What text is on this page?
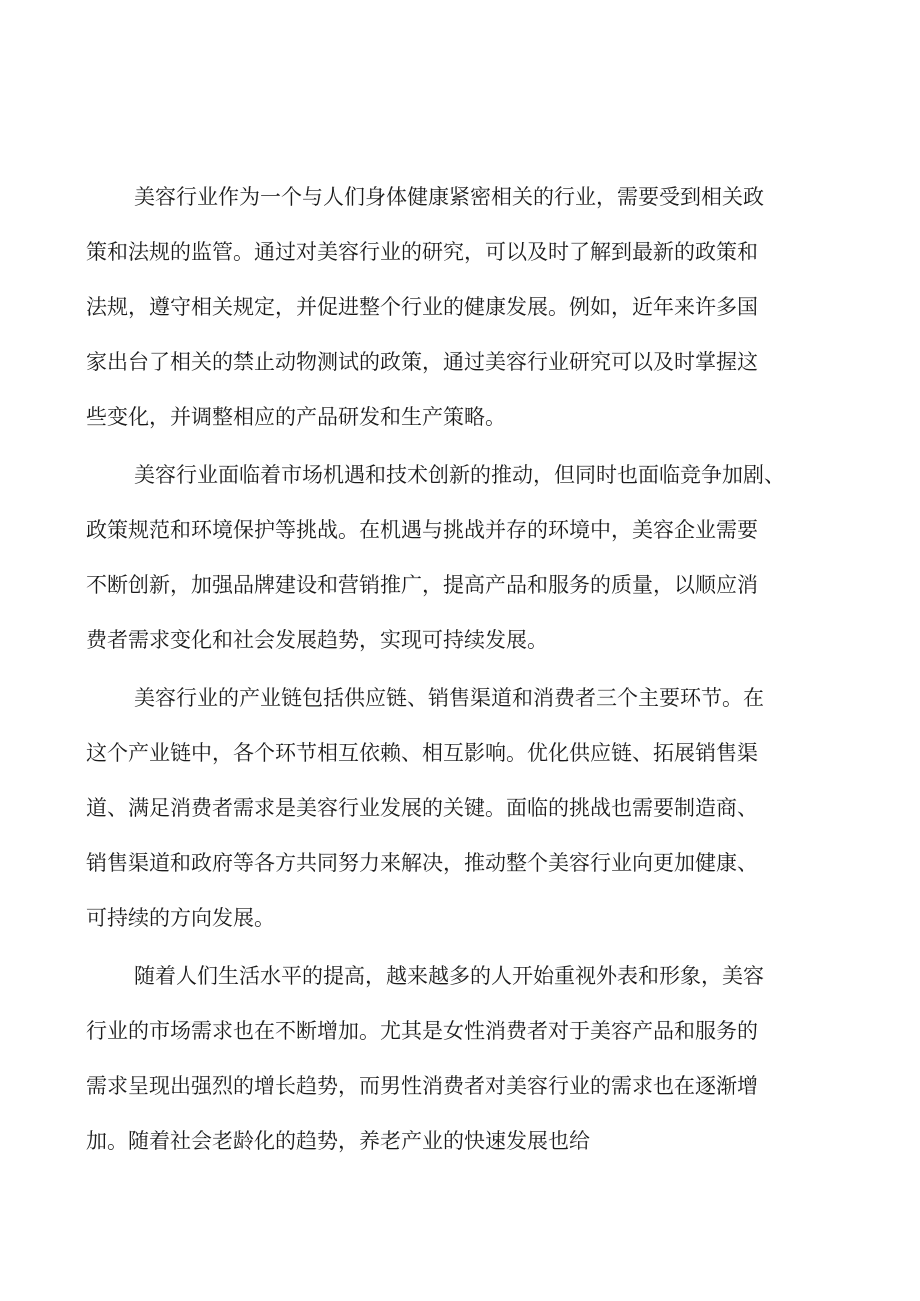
美容行业作为一个与人们身体健康紧密相关的行业，需要受到相关政

策和法规的监管。通过对美容行业的研究，可以及时了解到最新的政策和

法规，遵守相关规定，并促进整个行业的健康发展。例如，近年来许多国

家出台了相关的禁止动物测试的政策，通过美容行业研究可以及时掌握这

些变化，并调整相应的产品研发和生产策略。

美容行业面临着市场机遇和技术创新的推动，但同时也面临竞争加剧、

政策规范和环境保护等挑战。在机遇与挑战并存的环境中，美容企业需要

不断创新，加强品牌建设和营销推广，提高产品和服务的质量，以顺应消

费者需求变化和社会发展趋势，实现可持续发展。

美容行业的产业链包括供应链、销售渠道和消费者三个主要环节。在

这个产业链中，各个环节相互依赖、相互影响。优化供应链、拓展销售渠

道、满足消费者需求是美容行业发展的关键。面临的挑战也需要制造商、

销售渠道和政府等各方共同努力来解决，推动整个美容行业向更加健康、

可持续的方向发展。

随着人们生活水平的提高，越来越多的人开始重视外表和形象，美容

行业的市场需求也在不断增加。尤其是女性消费者对于美容产品和服务的

需求呈现出强烈的增长趋势，而男性消费者对美容行业的需求也在逐渐增

加。随着社会老龄化的趋势，养老产业的快速发展也给
